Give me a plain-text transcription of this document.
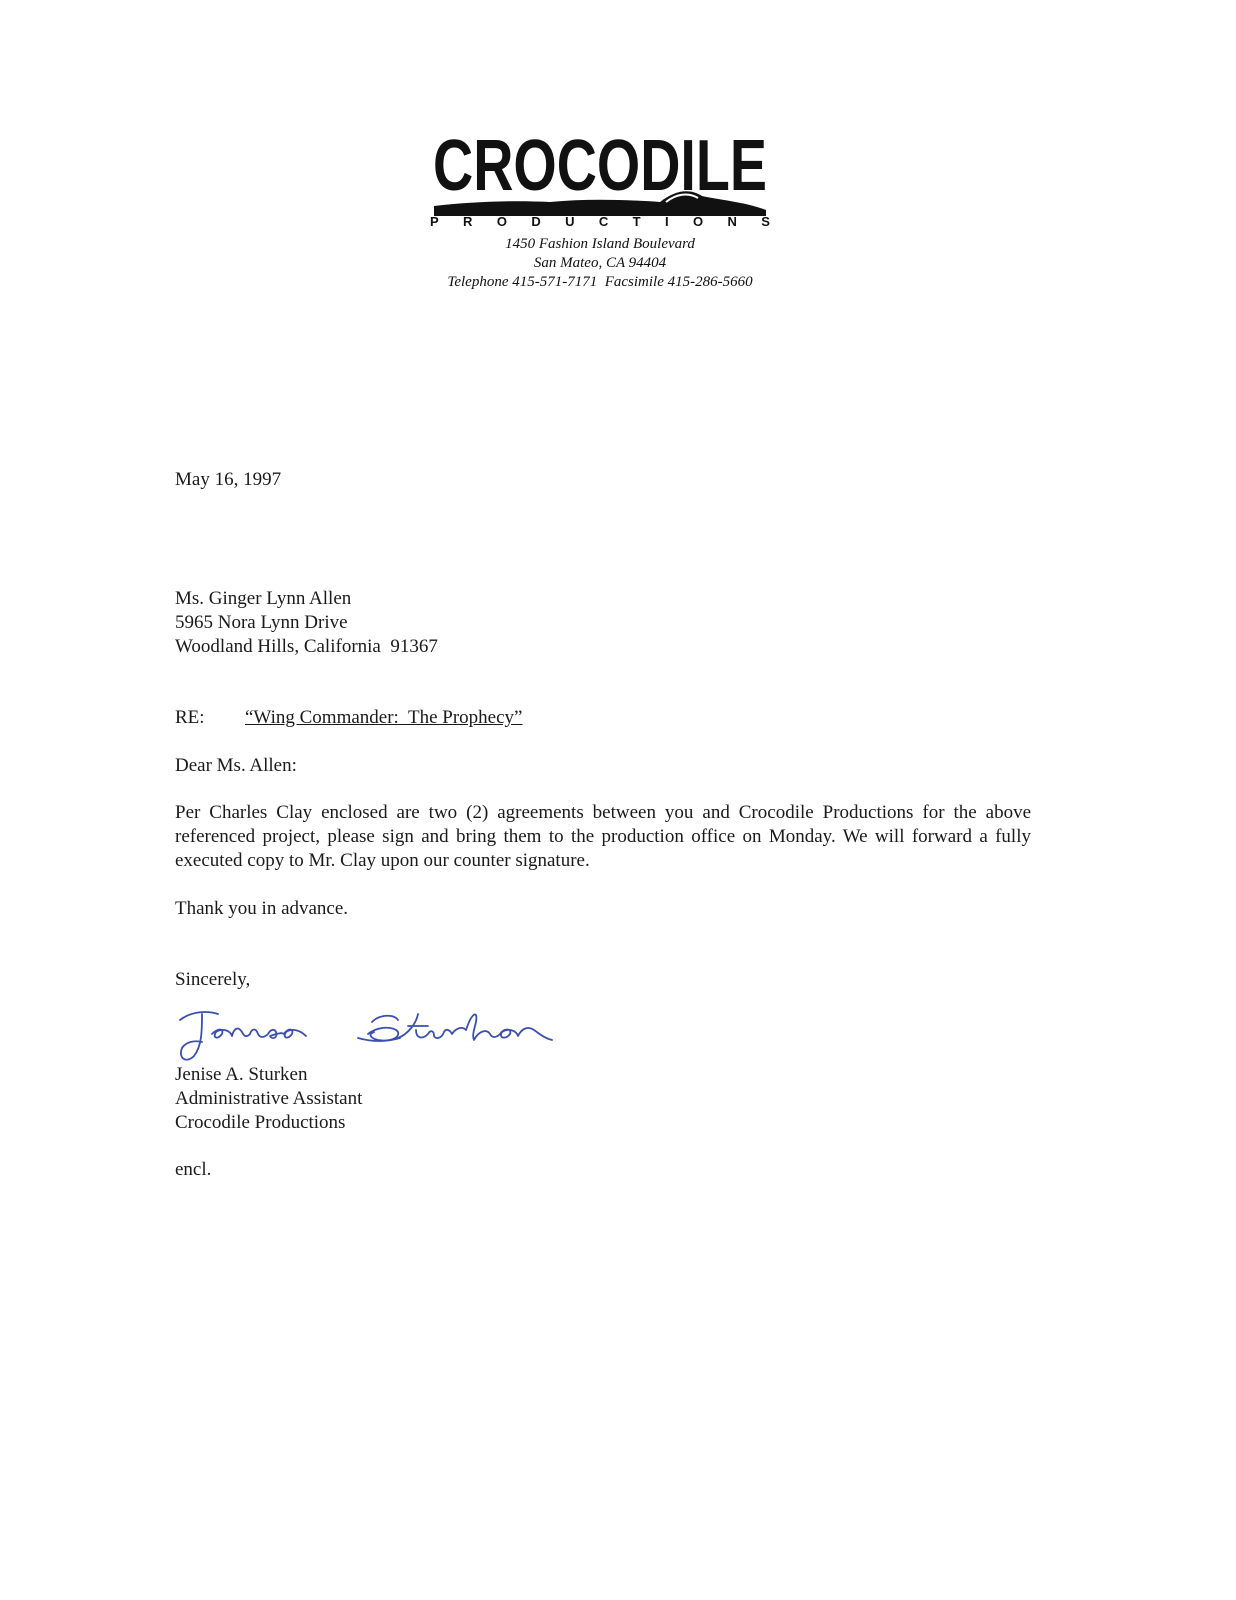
CROCODILE
P R O D U C T I O N S
1450 Fashion Island Boulevard
San Mateo, CA 94404
Telephone 415-571-7171  Facsimile 415-286-5660
May 16, 1997
Ms. Ginger Lynn Allen
5965 Nora Lynn Drive
Woodland Hills, California  91367
RE:	“Wing Commander:  The Prophecy”
Dear Ms. Allen:
Per Charles Clay enclosed are two (2) agreements between you and Crocodile Productions for the above referenced project, please sign and bring them to the production office on Monday. We will forward a fully executed copy to Mr. Clay upon our counter signature.
Thank you in advance.
Sincerely,
Jenise A. Sturken
Administrative Assistant
Crocodile Productions
encl.
